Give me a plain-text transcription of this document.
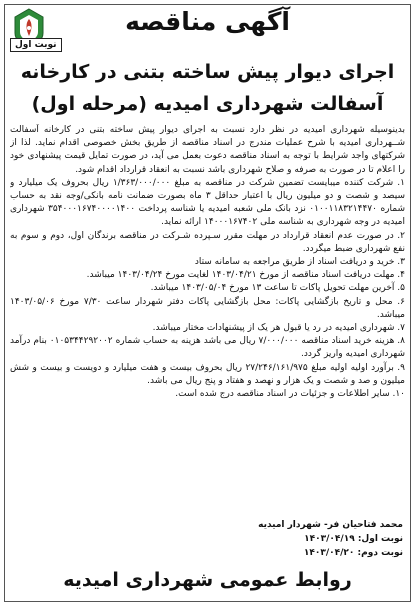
نوبت اول
آگهی مناقصه
اجرای دیوار پیش ساخته بتنی در کارخانه
آسفالت شهرداری امیدیه (مرحله اول)

بدینوسیله شهرداری امیدیه در نظر دارد نسبت به اجرای دیوار پیش ساخته بتنی در کارخانه آسفالت شــهرداری امیدیه با شرح عملیات مندرج در اسناد مناقصه از طریق بخش خصوصی اقدام نماید. لذا از شرکتهای واجد شرایط با توجه به اسناد مناقصه دعوت بعمل می آید، در صورت تمایل قیمت پیشنهادی خود را اعلام تا در صورت به صرفه و صلاح شهرداری باشد نسبت به انعقاد قرارداد اقدام شود.

۱. شرکت کننده میبایست تضمین شرکت در مناقصه به مبلغ ۱/۳۶۳/۰۰۰/۰۰۰ ریال بحروف یک میلیارد و سیصد و شصت و دو میلیون ریال با اعتبار حداقل ۳ ماه بصورت ضمانت نامه بانکی/وجه نقد به حساب شماره ۰۱۰۰۱۱۸۳۲۱۴۴۷۰ نزد بانک ملی شعبه امیدیه یا شناسه پرداخت ۳۵۴۰۰۰۱۶۷۴۰۰۰۰۱۴۰۰ شهرداری امیدیه در وجه شهرداری به شناسه ملی ۱۴۰۰۰۱۶۷۴۰۲ ارائه نماید.

۲. در صورت عدم انعقاد قرارداد در مهلت مقرر سـپرده شـرکت در مناقصه برندگان اول، دوم و سوم به نفع شهرداری ضبط میگردد.

۳. خرید و دریافت اسناد از طریق مراجعه به سامانه ستاد

۴. مهلت دریافت اسناد مناقصه از مورخ ۱۴۰۳/۰۴/۲۱ لغایت مورخ ۱۴۰۳/۰۴/۲۴ میباشد.

۵. آخرین مهلت تحویل پاکات تا ساعت ۱۳ مورخ ۱۴۰۳/۰۵/۰۴ میباشد.

۶. محل و تاریخ بازگشایی پاکات: محل بازگشایی پاکات دفتر شهردار ساعت ۷/۳۰ مورخ ۱۴۰۳/۰۵/۰۶ میباشد.

۷. شهرداری امیدیه در رد یا قبول هر یک از پیشنهادات مختار میباشد.

۸. هزینه خرید اسناد مناقصه ۷/۰۰۰/۰۰۰ ریال می باشد هزینه به حساب شماره ۰۱۰۵۳۴۴۲۹۲۰۰۲ بنام درآمد شهرداری امیدیه واریز گردد.

۹. برآورد اولیه اولیه مبلغ ۲۷/۲۴۶/۱۶۱/۹۷۵ ریال بحروف بیست و هفت میلیارد و دویست و بیست و شش میلیون و صد و شصت و یک هزار و نهصد و هفتاد و پنج ریال می باشد.

۱۰. سایر اطلاعات و جزئیات در اسناد مناقصه درج شده است.

محمد فتاحیان فر- شهردار امیدیه
نوبت اول: ۱۴۰۳/۰۴/۱۹
نوبت دوم: ۱۴۰۳/۰۴/۲۰
روابط عمومی شهرداری امیدیه
